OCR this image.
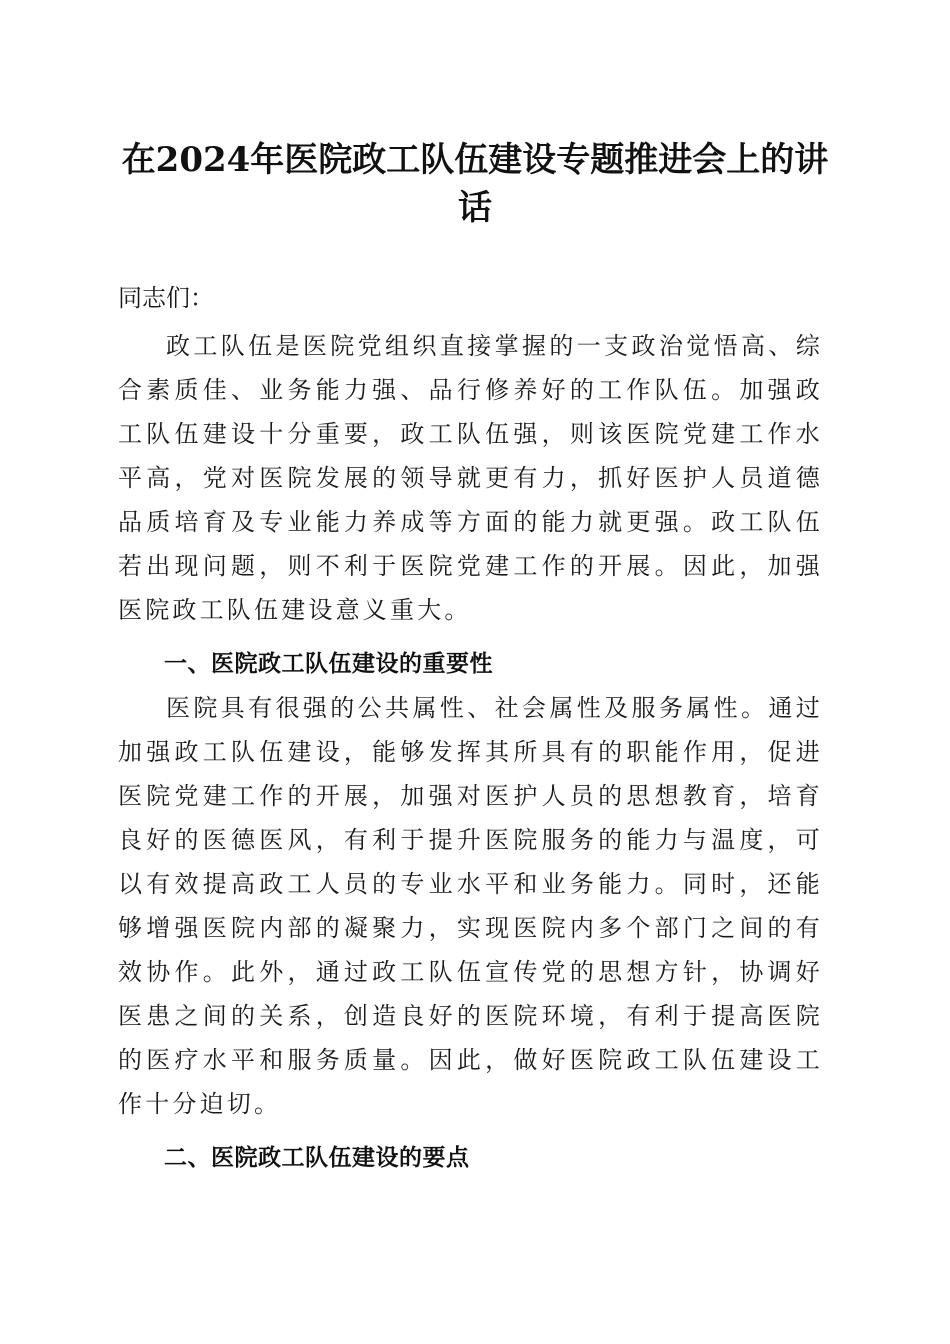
在2024年医院政工队伍建设专题推进会上的讲话

同志们：

政工队伍是医院党组织直接掌握的一支政治觉悟高、综合素质佳、业务能力强、品行修养好的工作队伍。加强政工队伍建设十分重要，政工队伍强，则该医院党建工作水平高，党对医院发展的领导就更有力，抓好医护人员道德品质培育及专业能力养成等方面的能力就更强。政工队伍若出现问题，则不利于医院党建工作的开展。因此，加强医院政工队伍建设意义重大。

一、医院政工队伍建设的重要性

医院具有很强的公共属性、社会属性及服务属性。通过加强政工队伍建设，能够发挥其所具有的职能作用，促进医院党建工作的开展，加强对医护人员的思想教育，培育良好的医德医风，有利于提升医院服务的能力与温度，可以有效提高政工人员的专业水平和业务能力。同时，还能够增强医院内部的凝聚力，实现医院内多个部门之间的有效协作。此外，通过政工队伍宣传党的思想方针，协调好医患之间的关系，创造良好的医院环境，有利于提高医院的医疗水平和服务质量。因此，做好医院政工队伍建设工作十分迫切。

二、医院政工队伍建设的要点
